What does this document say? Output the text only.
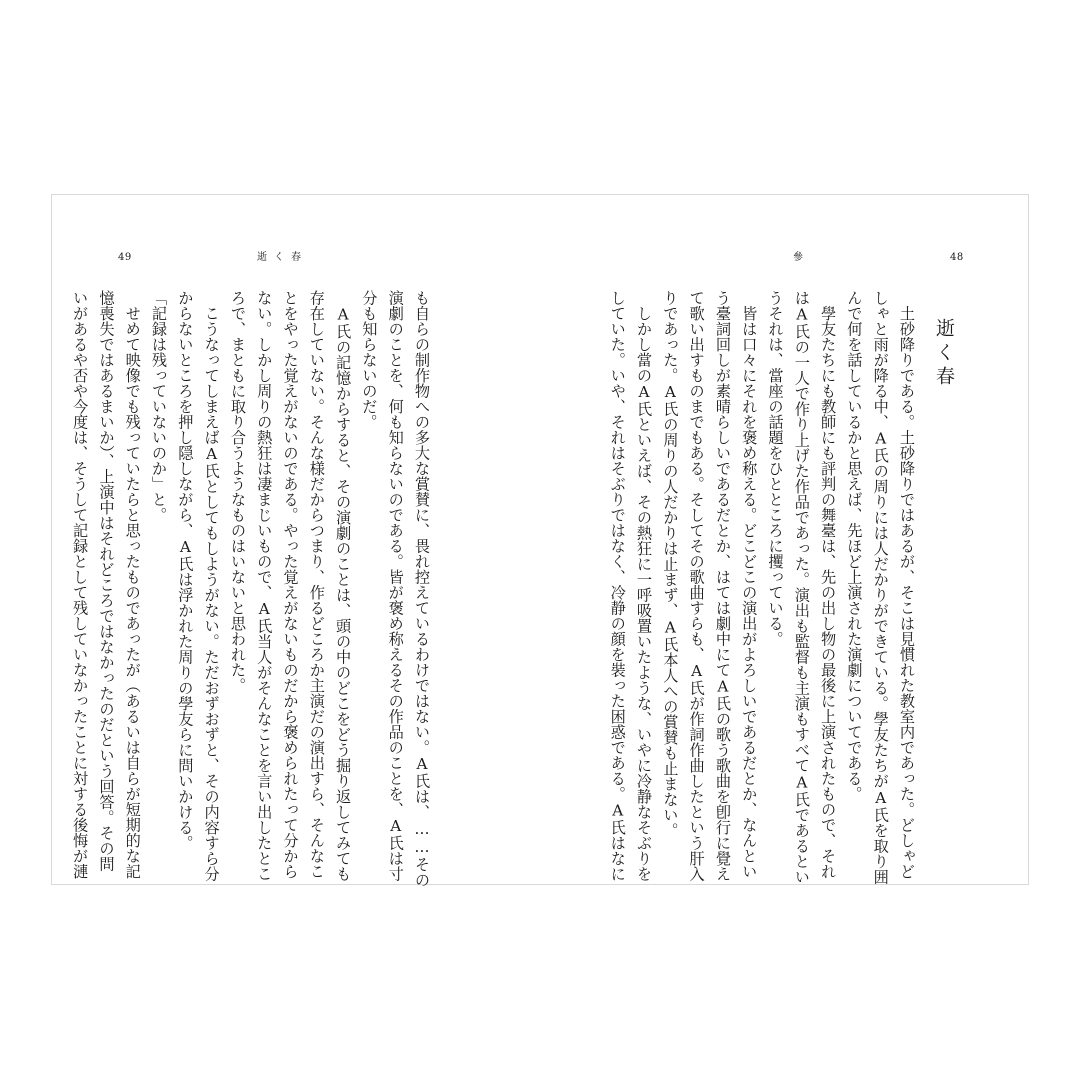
49	逝く春

も自らの制作物への多大な賞賛に、畏れ控えているわけではない。A氏は、……その

演劇のことを、何も知らないのである。皆が褒め称えるその作品のことを、A氏は寸

分も知らないのだ。

　A氏の記憶からすると、その演劇のことは、頭の中のどこをどう掘り返してみても

存在していない。そんな様だからつまり、作るどころか主演だの演出すら、そんなこ

とをやった覚えがないのである。やった覚えがないものだから褒められたって分から

ない。しかし周りの熱狂は凄まじいもので、A氏当人がそんなことを言い出したとこ

ろで、まともに取り合うようなものはいないと思われた。

　こうなってしまえばA氏としてもしようがない。ただおずおずと、その内容すら分

からないところを押し隠しながら、A氏は浮かれた周りの學友らに問いかける。

「記録は残っていないのか」と。

　せめて映像でも残っていたらと思ったものであったが（あるいは自らが短期的な記

憶喪失ではあるまいか）、上演中はそれどころではなかったのだという回答。その問

いがあるや否や今度は、そうして記録として残していなかったことに対する後悔が漣

48
參
逝く春

　土砂降りである。土砂降りではあるが、そこは見慣れた教室内であった。どしゃど

しゃと雨が降る中、A氏の周りには人だかりができている。學友たちがA氏を取り囲

んで何を話しているかと思えば、先ほど上演された演劇についてである。

　學友たちにも教師にも評判の舞臺は、先の出し物の最後に上演されたもので、それ

はA氏の一人で作り上げた作品であった。演出も監督も主演もすべてA氏であるとい

うそれは、當座の話題をひとところに攫っている。

　皆は口々にそれを褒め称える。どこどこの演出がよろしいであるだとか、なんとい

う臺詞回しが素晴らしいであるだとか、はては劇中にてA氏の歌う歌曲を卽行に覺え

て歌い出すものまでもある。そしてその歌曲すらも、A氏が作詞作曲したという肝入

りであった。A氏の周りの人だかりは止まず、A氏本人への賞賛も止まない。

　しかし當のA氏といえば、その熱狂に一呼吸置いたような、いやに冷静なそぶりを

していた。いや、それはそぶりではなく、冷静の顔を裝った困惑である。A氏はなに
